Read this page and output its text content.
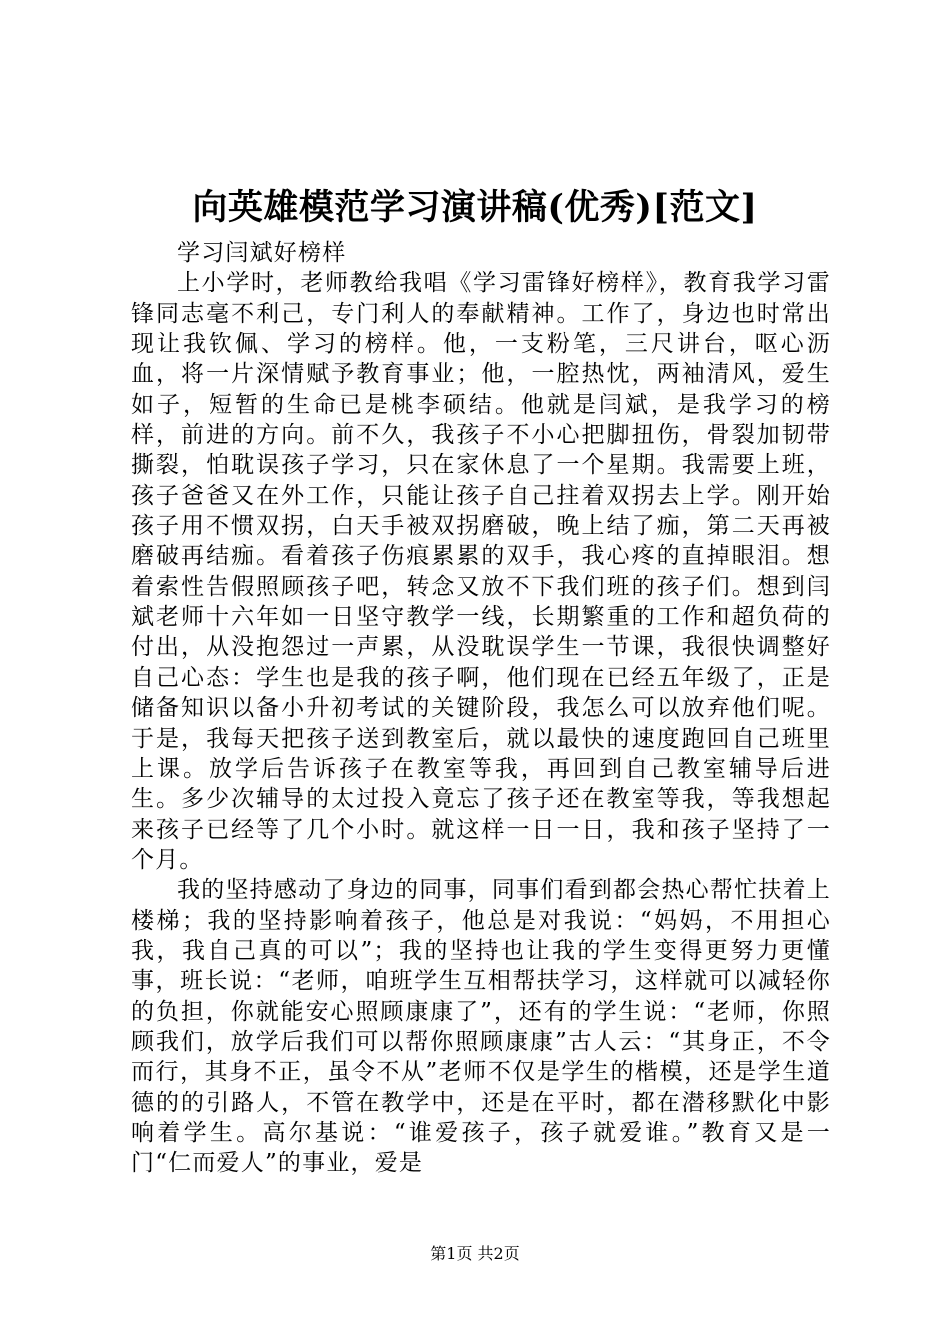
向英雄模范学习演讲稿(优秀)[范文]

学习闫斌好榜样

上小学时，老师教给我唱《学习雷锋好榜样》，教育我学习雷锋同志毫不利己，专门利人的奉献精神。工作了，身边也时常出现让我钦佩、学习的榜样。他，一支粉笔，三尺讲台，呕心沥血，将一片深情赋予教育事业；他，一腔热忱，两袖清风，爱生如子，短暂的生命已是桃李硕结。他就是闫斌，是我学习的榜样，前进的方向。前不久，我孩子不小心把脚扭伤，骨裂加韧带撕裂，怕耽误孩子学习，只在家休息了一个星期。我需要上班，孩子爸爸又在外工作，只能让孩子自己拄着双拐去上学。刚开始孩子用不惯双拐，白天手被双拐磨破，晚上结了痂，第二天再被磨破再结痂。看着孩子伤痕累累的双手，我心疼的直掉眼泪。想着索性告假照顾孩子吧，转念又放不下我们班的孩子们。想到闫斌老师十六年如一日坚守教学一线，长期繁重的工作和超负荷的付出，从没抱怨过一声累，从没耽误学生一节课，我很快调整好自己心态：学生也是我的孩子啊，他们现在已经五年级了，正是储备知识以备小升初考试的关键阶段，我怎么可以放弃他们呢。于是，我每天把孩子送到教室后，就以最快的速度跑回自己班里上课。放学后告诉孩子在教室等我，再回到自己教室辅导后进生。多少次辅导的太过投入竟忘了孩子还在教室等我，等我想起来孩子已经等了几个小时。就这样一日一日，我和孩子坚持了一个月。

我的坚持感动了身边的同事，同事们看到都会热心帮忙扶着上楼梯；我的坚持影响着孩子，他总是对我说：“妈妈，不用担心我，我自己真的可以”；我的坚持也让我的学生变得更努力更懂事，班长说：“老师，咱班学生互相帮扶学习，这样就可以减轻你的负担，你就能安心照顾康康了”，还有的学生说：“老师，你照顾我们，放学后我们可以帮你照顾康康”古人云：“其身正，不令而行，其身不正，虽令不从”老师不仅是学生的楷模，还是学生道德的的引路人，不管在教学中，还是在平时，都在潜移默化中影响着学生。高尔基说：“谁爱孩子，孩子就爱谁。”教育又是一门“仁而爱人”的事业，爱是

第1页 共2页
